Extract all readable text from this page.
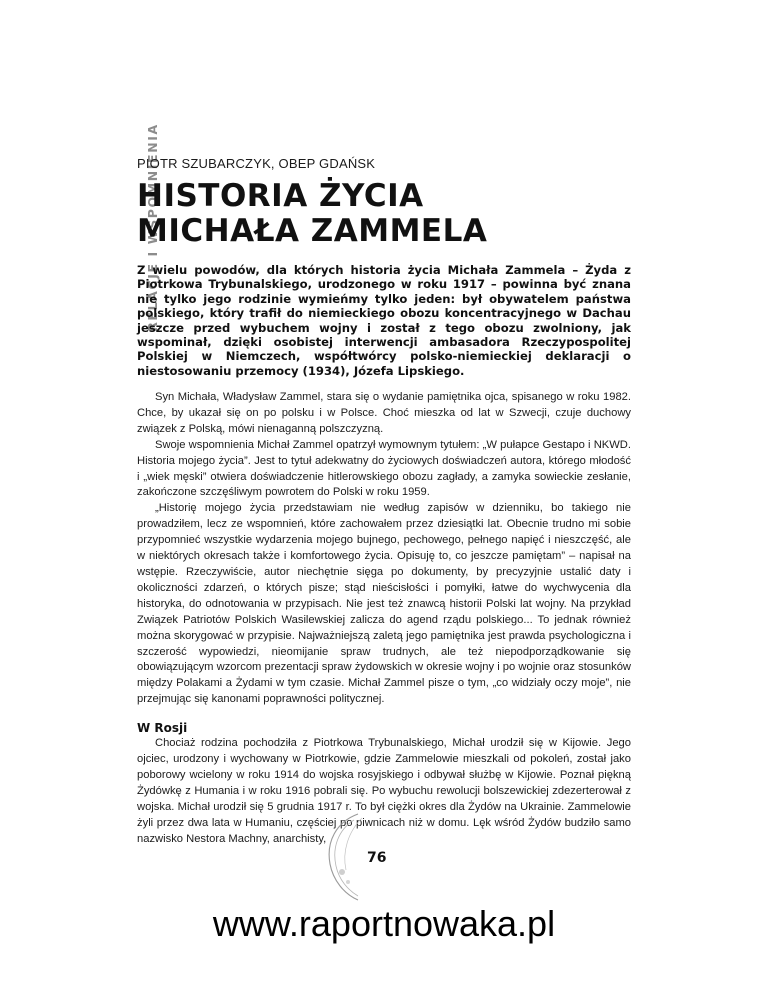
RELACJE I WSPOMNIENIA
PIOTR SZUBARCZYK, OBEP GDAŃSK
HISTORIA ŻYCIA
MICHAŁA ZAMMELA

Z wielu powodów, dla których historia życia Michała Zammela – Żyda z Piotrkowa Trybunalskiego, urodzonego w roku 1917 – powinna być znana nie tylko jego rodzinie wymieńmy tylko jeden: był obywatelem państwa polskiego, który trafił do niemieckiego obozu koncentracyjnego w Dachau jeszcze przed wybuchem wojny i został z tego obozu zwolniony, jak wspominał, dzięki osobistej interwencji ambasadora Rzeczypospolitej Polskiej w Niemczech, współtwórcy polsko-niemieckiej deklaracji o niestosowaniu przemocy (1934), Józefa Lipskiego.

Syn Michała, Władysław Zammel, stara się o wydanie pamiętnika ojca, spisanego w roku 1982. Chce, by ukazał się on po polsku i w Polsce. Choć mieszka od lat w Szwecji, czuje duchowy związek z Polską, mówi nienaganną polszczyzną.

Swoje wspomnienia Michał Zammel opatrzył wymownym tytułem: „W pułapce Gestapo i NKWD. Historia mojego życia”. Jest to tytuł adekwatny do życiowych doświadczeń autora, którego młodość i „wiek męski” otwiera doświadczenie hitlerowskiego obozu zagłady, a zamyka sowieckie zesłanie, zakończone szczęśliwym powrotem do Polski w roku 1959.

„Historię mojego życia przedstawiam nie według zapisów w dzienniku, bo takiego nie prowadziłem, lecz ze wspomnień, które zachowałem przez dziesiątki lat. Obecnie trudno mi sobie przypomnieć wszystkie wydarzenia mojego bujnego, pechowego, pełnego napięć i nieszczęść, ale w niektórych okresach także i komfortowego życia. Opisuję to, co jeszcze pamiętam” – napisał na wstępie. Rzeczywiście, autor niechętnie sięga po dokumenty, by precyzyjnie ustalić daty i okoliczności zdarzeń, o których pisze; stąd nieścisłości i pomyłki, łatwe do wychwycenia dla historyka, do odnotowania w przypisach. Nie jest też znawcą historii Polski lat wojny. Na przykład Związek Patriotów Polskich Wasilewskiej zalicza do agend rządu polskiego... To jednak również można skorygować w przypisie. Najważniejszą zaletą jego pamiętnika jest prawda psychologiczna i szczerość wypowiedzi, nieomijanie spraw trudnych, ale też niepodporządkowanie się obowiązującym wzorcom prezentacji spraw żydowskich w okresie wojny i po wojnie oraz stosunków między Polakami a Żydami w tym czasie. Michał Zammel pisze o tym, „co widziały oczy moje”, nie przejmując się kanonami poprawności politycznej.

W Rosji

Chociaż rodzina pochodziła z Piotrkowa Trybunalskiego, Michał urodził się w Kijowie. Jego ojciec, urodzony i wychowany w Piotrkowie, gdzie Zammelowie mieszkali od pokoleń, został jako poborowy wcielony w roku 1914 do wojska rosyjskiego i odbywał służbę w Kijowie. Poznał piękną Żydówkę z Humania i w roku 1916 pobrali się. Po wybuchu rewolucji bolszewickiej zdezerterował z wojska. Michał urodził się 5 grudnia 1917 r. To był ciężki okres dla Żydów na Ukrainie. Zammelowie żyli przez dwa lata w Humaniu, częściej po piwnicach niż w domu. Lęk wśród Żydów budziło samo nazwisko Nestora Machny, anarchisty,

76
www.raportnowaka.pl
